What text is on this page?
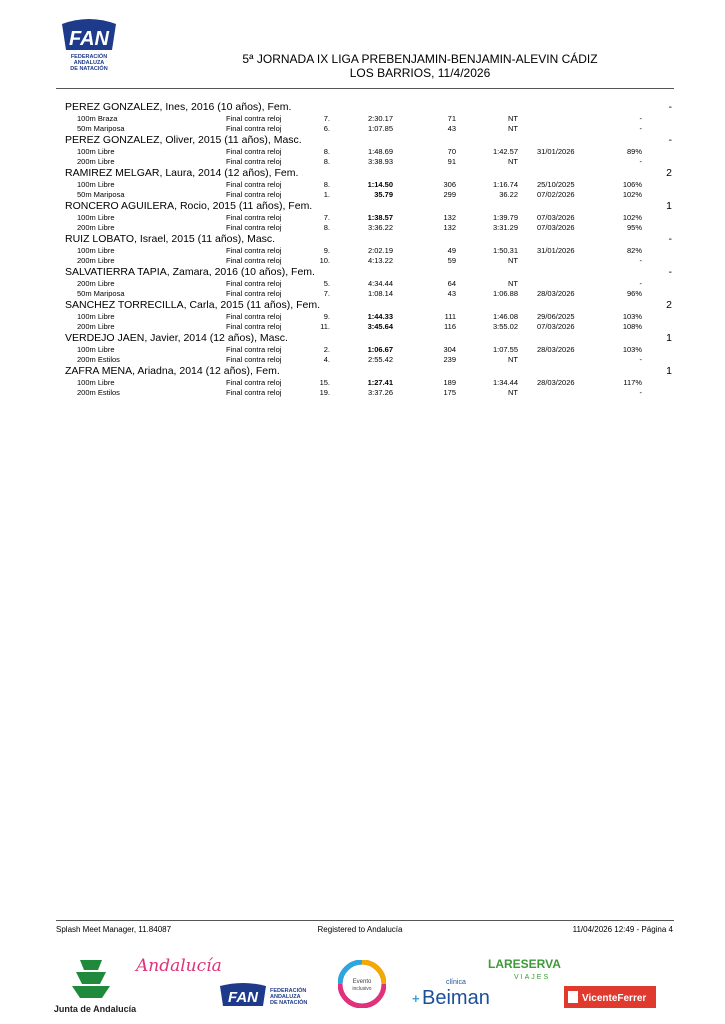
FAN
FEDERACIÓN
ANDALUZA
DE NATACIÓN
5ª JORNADA IX LIGA PREBENJAMIN-BENJAMIN-ALEVIN CÁDIZ
LOS BARRIOS, 11/4/2026
PEREZ GONZALEZ, Ines, 2016 (10 años), Fem.	-
100m Braza	Final contra reloj	7.	2:30.17	71	NT	-
50m Mariposa	Final contra reloj	6.	1:07.85	43	NT	-
PEREZ GONZALEZ, Oliver, 2015 (11 años), Masc.	-
100m Libre	Final contra reloj	8.	1:48.69	70	1:42.57	31/01/2026	89%
200m Libre	Final contra reloj	8.	3:38.93	91	NT	-
RAMIREZ MELGAR, Laura, 2014 (12 años), Fem.	2
100m Libre	Final contra reloj	8.	1:14.50	306	1:16.74	25/10/2025	106%
50m Mariposa	Final contra reloj	1.	35.79	299	36.22	07/02/2026	102%
RONCERO AGUILERA, Rocio, 2015 (11 años), Fem.	1
100m Libre	Final contra reloj	7.	1:38.57	132	1:39.79	07/03/2026	102%
200m Libre	Final contra reloj	8.	3:36.22	132	3:31.29	07/03/2026	95%
RUIZ LOBATO, Israel, 2015 (11 años), Masc.	-
100m Libre	Final contra reloj	9.	2:02.19	49	1:50.31	31/01/2026	82%
200m Libre	Final contra reloj	10.	4:13.22	59	NT	-
SALVATIERRA TAPIA, Zamara, 2016 (10 años), Fem.	-
200m Libre	Final contra reloj	5.	4:34.44	64	NT	-
50m Mariposa	Final contra reloj	7.	1:08.14	43	1:06.88	28/03/2026	96%
SANCHEZ TORRECILLA, Carla, 2015 (11 años), Fem.	2
100m Libre	Final contra reloj	9.	1:44.33	111	1:46.08	29/06/2025	103%
200m Libre	Final contra reloj	11.	3:45.64	116	3:55.02	07/03/2026	108%
VERDEJO JAEN, Javier, 2014 (12 años), Masc.	1
100m Libre	Final contra reloj	2.	1:06.67	304	1:07.55	28/03/2026	103%
200m Estilos	Final contra reloj	4.	2:55.42	239	NT	-
ZAFRA MENA, Ariadna, 2014 (12 años), Fem.	1
100m Libre	Final contra reloj	15.	1:27.41	189	1:34.44	28/03/2026	117%
200m Estilos	Final contra reloj	19.	3:37.26	175	NT	-
Splash Meet Manager, 11.84087	Registered to Andalucía	11/04/2026 12:49 - Página 4
Junta de Andalucía
Andalucía
FAN FEDERACIÓN
ANDALUZA
DE NATACIÓN
Evento
inclusivo
clínica
+ Beiman
LARESERVA
VIAJES
VicenteFerrer
